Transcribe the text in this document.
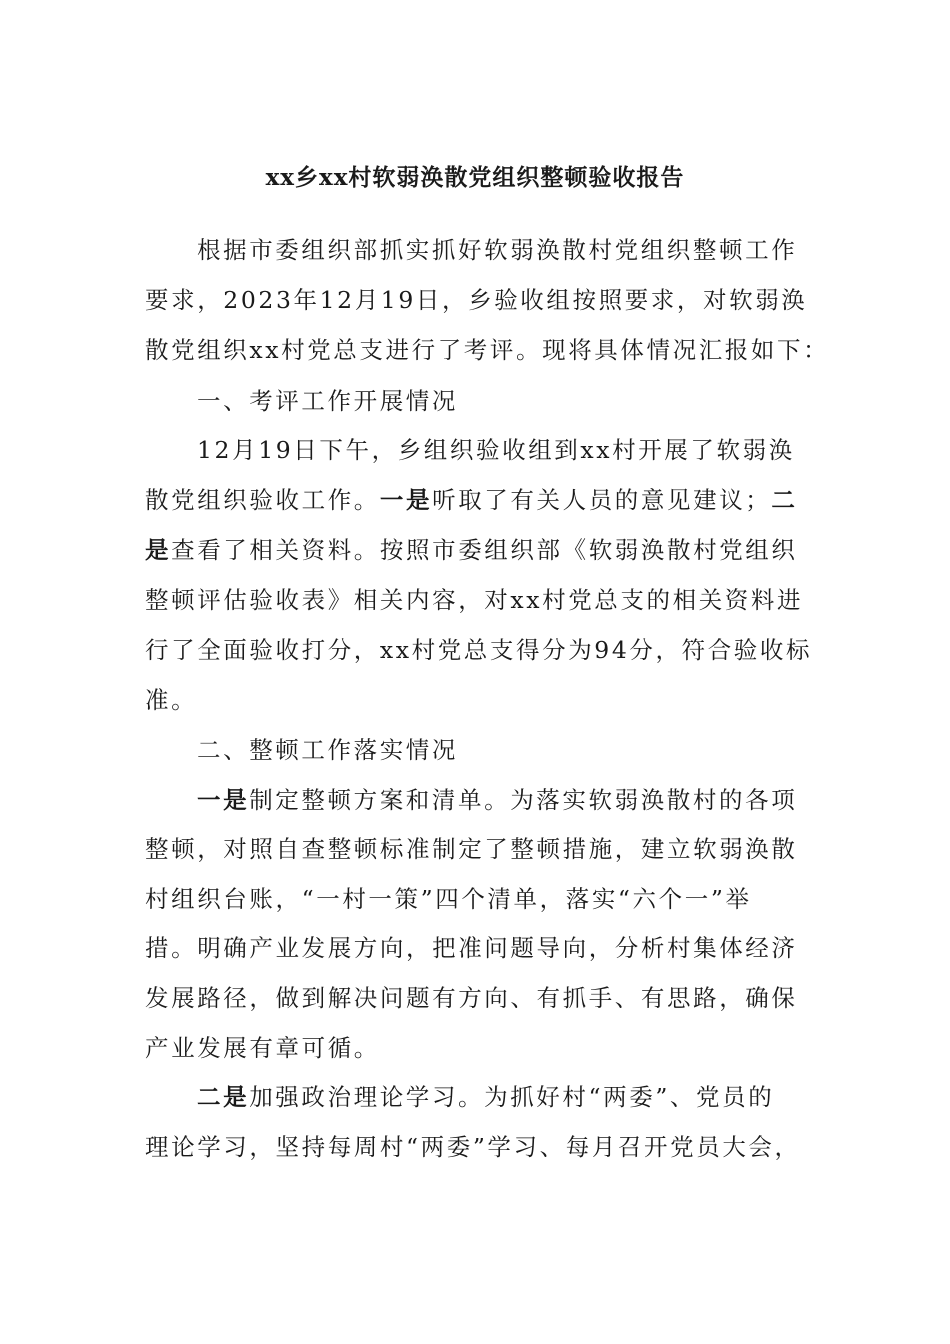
xx乡xx村软弱涣散党组织整顿验收报告

根据市委组织部抓实抓好软弱涣散村党组织整顿工作

要求，2023年12月19日，乡验收组按照要求，对软弱涣

散党组织xx村党总支进行了考评。现将具体情况汇报如下：

一、考评工作开展情况

12月19日下午，乡组织验收组到xx村开展了软弱涣

散党组织验收工作。一是听取了有关人员的意见建议；二

是查看了相关资料。按照市委组织部《软弱涣散村党组织

整顿评估验收表》相关内容，对xx村党总支的相关资料进

行了全面验收打分，xx村党总支得分为94分，符合验收标

准。

二、整顿工作落实情况

一是制定整顿方案和清单。为落实软弱涣散村的各项

整顿，对照自查整顿标准制定了整顿措施，建立软弱涣散

村组织台账，“一村一策”四个清单，落实“六个一”举

措。明确产业发展方向，把准问题导向，分析村集体经济

发展路径，做到解决问题有方向、有抓手、有思路，确保

产业发展有章可循。

二是加强政治理论学习。为抓好村“两委”、党员的

理论学习，坚持每周村“两委”学习、每月召开党员大会，
